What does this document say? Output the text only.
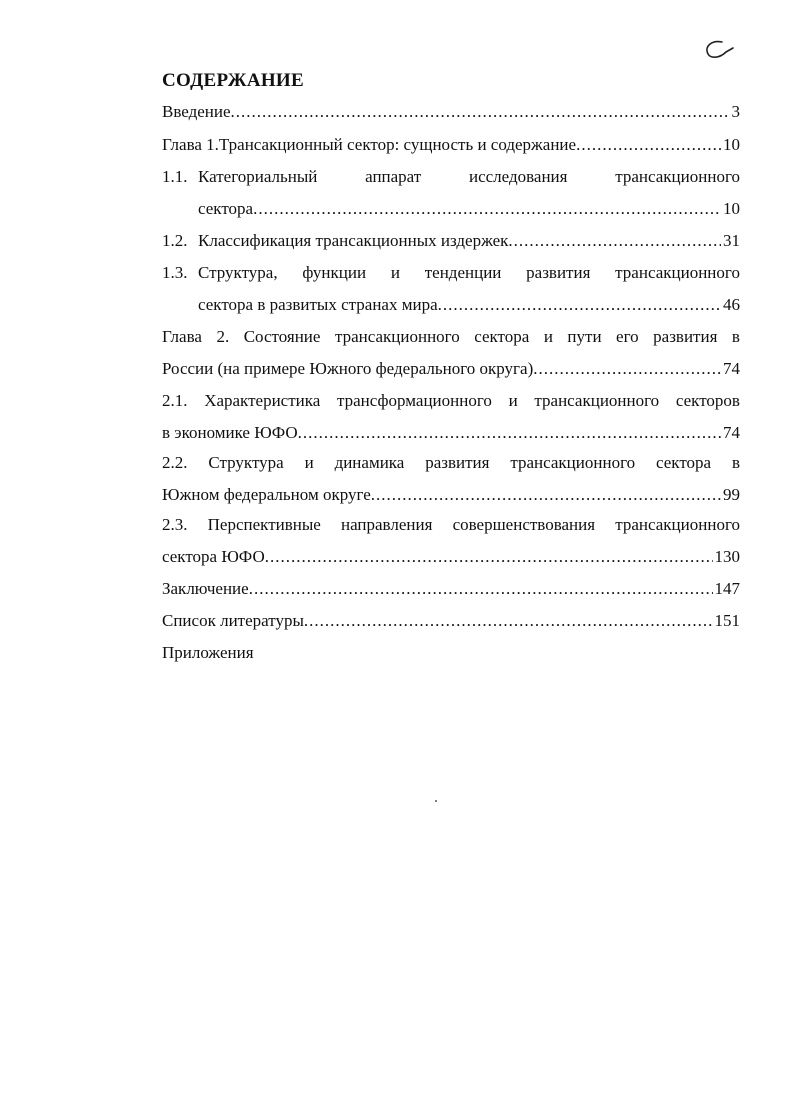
СОДЕРЖАНИЕ
Введение .....	3
Глава 1.Трансакционный сектор: сущность и содержание .....	10
1.1. Категориальный	аппарат	исследования	трансакционного
сектора .....	10
1.2. Классификация трансакционных издержек .....	31
1.3. Структура, функции и тенденции развития трансакционного
сектора в развитых странах мира .....	46
Глава 2. Состояние трансакционного сектора и пути его развития в
России (на примере Южного федерального округа) .....	74
2.1. Характеристика трансформационного и трансакционного секторов
в экономике ЮФО .....	74
2.2. Структура и динамика развития трансакционного сектора в
Южном федеральном округе .....	99
2.3. Перспективные направления совершенствования трансакционного
сектора ЮФО .....	130
Заключение .....	147
Список литературы .....	151
Приложения
